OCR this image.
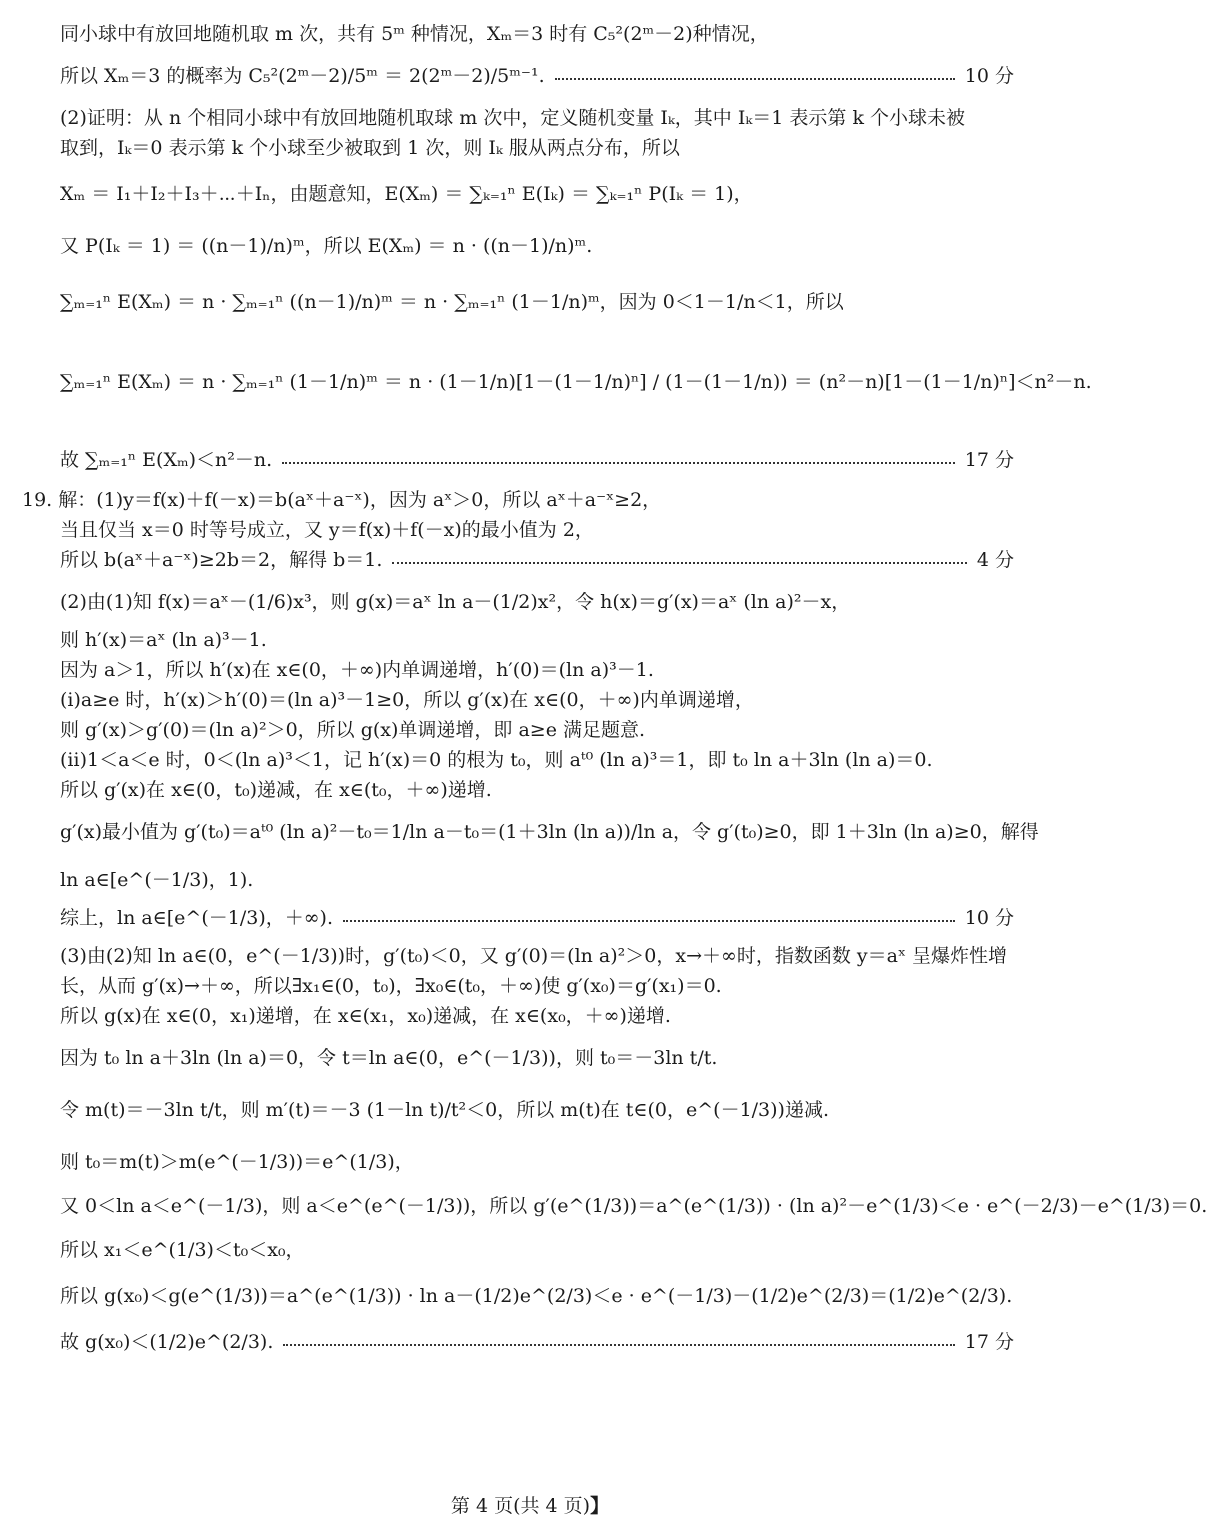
同小球中有放回地随机取 m 次，共有 5ᵐ 种情况，Xₘ＝3 时有 C₅²(2ᵐ－2)种情况，
所以 Xₘ＝3 的概率为 C₅²(2ᵐ－2)/5ᵐ ＝ 2(2ᵐ－2)/5ᵐ⁻¹.	10 分
(2)证明：从 n 个相同小球中有放回地随机取球 m 次中，定义随机变量 Iₖ，其中 Iₖ＝1 表示第 k 个小球未被
取到，Iₖ＝0 表示第 k 个小球至少被取到 1 次，则 Iₖ 服从两点分布，所以
Xₘ ＝ I₁＋I₂＋I₃＋⋯＋Iₙ，由题意知，E(Xₘ) ＝ ∑ₖ₌₁ⁿ E(Iₖ) ＝ ∑ₖ₌₁ⁿ P(Iₖ ＝ 1)，
又 P(Iₖ ＝ 1) ＝ ((n－1)/n)ᵐ，所以 E(Xₘ) ＝ n · ((n－1)/n)ᵐ.
∑ₘ₌₁ⁿ E(Xₘ) ＝ n · ∑ₘ₌₁ⁿ ((n－1)/n)ᵐ ＝ n · ∑ₘ₌₁ⁿ (1－1/n)ᵐ，因为 0＜1－1/n＜1，所以
∑ₘ₌₁ⁿ E(Xₘ) ＝ n · ∑ₘ₌₁ⁿ (1－1/n)ᵐ ＝ n · (1－1/n)[1－(1－1/n)ⁿ] / (1－(1－1/n)) ＝ (n²－n)[1－(1－1/n)ⁿ]＜n²－n.
故 ∑ₘ₌₁ⁿ E(Xₘ)＜n²－n.	17 分
19. 解：(1)y＝f(x)＋f(－x)＝b(aˣ＋a⁻ˣ)，因为 aˣ＞0，所以 aˣ＋a⁻ˣ≥2，
当且仅当 x＝0 时等号成立，又 y＝f(x)＋f(－x)的最小值为 2，
所以 b(aˣ＋a⁻ˣ)≥2b＝2，解得 b＝1.	4 分
(2)由(1)知 f(x)＝aˣ－(1/6)x³，则 g(x)＝aˣ ln a－(1/2)x²，令 h(x)＝g′(x)＝aˣ (ln a)²－x，
则 h′(x)＝aˣ (ln a)³－1.
因为 a＞1，所以 h′(x)在 x∈(0，＋∞)内单调递增，h′(0)＝(ln a)³－1.
(ⅰ)a≥e 时，h′(x)＞h′(0)＝(ln a)³－1≥0，所以 g′(x)在 x∈(0，＋∞)内单调递增，
则 g′(x)＞g′(0)＝(ln a)²＞0，所以 g(x)单调递增，即 a≥e 满足题意.
(ⅱ)1＜a＜e 时，0＜(ln a)³＜1，记 h′(x)＝0 的根为 t₀，则 aᵗ⁰ (ln a)³＝1，即 t₀ ln a＋3ln (ln a)＝0.
所以 g′(x)在 x∈(0，t₀)递减，在 x∈(t₀，＋∞)递增.
g′(x)最小值为 g′(t₀)＝aᵗ⁰ (ln a)²－t₀＝1/ln a－t₀＝(1＋3ln (ln a))/ln a，令 g′(t₀)≥0，即 1＋3ln (ln a)≥0，解得
ln a∈[e^(－1/3)，1).
综上，ln a∈[e^(－1/3)，＋∞).	10 分
(3)由(2)知 ln a∈(0，e^(－1/3))时，g′(t₀)＜0，又 g′(0)＝(ln a)²＞0，x→＋∞时，指数函数 y＝aˣ 呈爆炸性增
长，从而 g′(x)→＋∞，所以∃x₁∈(0，t₀)，∃x₀∈(t₀，＋∞)使 g′(x₀)＝g′(x₁)＝0.
所以 g(x)在 x∈(0，x₁)递增，在 x∈(x₁，x₀)递减，在 x∈(x₀，＋∞)递增.
因为 t₀ ln a＋3ln (ln a)＝0，令 t＝ln a∈(0，e^(－1/3))，则 t₀＝－3ln t/t.
令 m(t)＝－3ln t/t，则 m′(t)＝－3 (1－ln t)/t²＜0，所以 m(t)在 t∈(0，e^(－1/3))递减.
则 t₀＝m(t)＞m(e^(－1/3))＝e^(1/3)，
又 0＜ln a＜e^(－1/3)，则 a＜e^(e^(－1/3))，所以 g′(e^(1/3))＝a^(e^(1/3)) · (ln a)²－e^(1/3)＜e · e^(－2/3)－e^(1/3)＝0.
所以 x₁＜e^(1/3)＜t₀＜x₀，
所以 g(x₀)＜g(e^(1/3))＝a^(e^(1/3)) · ln a－(1/2)e^(2/3)＜e · e^(－1/3)－(1/2)e^(2/3)＝(1/2)e^(2/3).
故 g(x₀)＜(1/2)e^(2/3).	17 分
第 4 页(共 4 页)】
